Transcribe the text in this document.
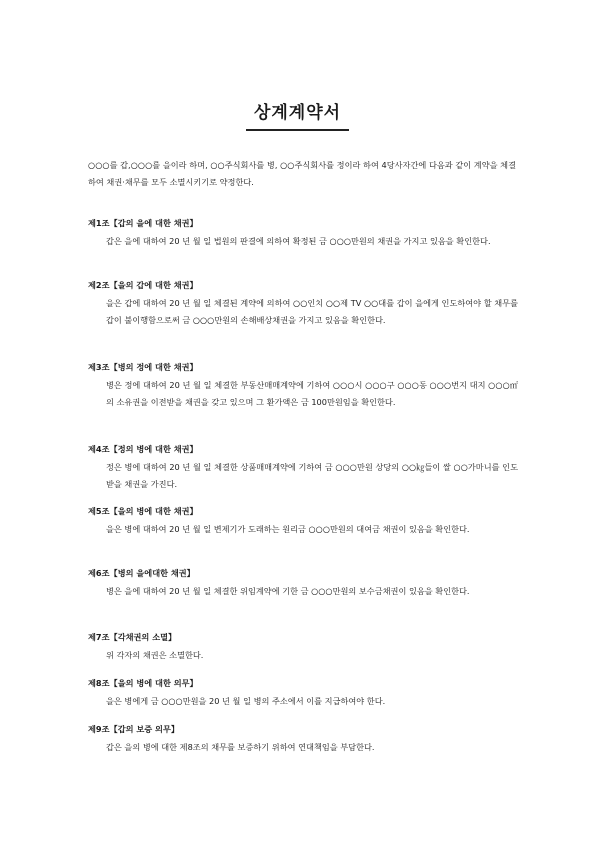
상계계약서
○○○를 갑,○○○를 을이라 하며, ○○주식회사를 병, ○○주식회사를 정이라 하여 4당사자간에 다음과 같이 계약을 체결하여 채권·채무를 모두 소멸시키기로 약정한다.
제1조【갑의 을에 대한 채권】
갑은 을에 대하여 20 년 월 일 법원의 판결에 의하여 확정된 금 ○○○만원의 채권을 가지고 있음을 확인한다.
제2조【을의 갑에 대한 채권】
을은 갑에 대하여 20 년 월 일 체결된 계약에 의하여 ○○인치 ○○제 TV ○○대를 갑이 을에게 인도하여야 할 채무를 갑이 불이행함으로써 금 ○○○만원의 손해배상채권을 가지고 있음을 확인한다.
제3조【병의 정에 대한 채권】
병은 정에 대하여 20 년 월 일 체결한 부동산매매계약에 기하여 ○○○시 ○○○구 ○○○동 ○○○번지 대지 ○○○㎡의 소유권을 이전받을 채권을 갖고 있으며 그 환가액은 금 100만원임을 확인한다.
제4조【정의 병에 대한 채권】
정은 병에 대하여 20 년 월 일 체결한 상품매매계약에 기하여 금 ○○○만원 상당의 ○○㎏들이 쌀 ○○가마니를 인도받을 채권을 가진다.
제5조【을의 병에 대한 채권】
을은 병에 대하여 20 년 월 일 변제기가 도래하는 원리금 ○○○만원의 대여금 채권이 있음을 확인한다.
제6조【병의 을에대한 채권】
병은 을에 대하여 20 년 월 일 체결한 위임계약에 기한 금 ○○○만원의 보수금채권이 있음을 확인한다.
제7조【각채권의 소멸】
위 각자의 채권은 소멸한다.
제8조【을의 병에 대한 의무】
을은 병에게 금 ○○○만원을 20 년 월 일 병의 주소에서 이를 지급하여야 한다.
제9조【갑의 보증 의무】
갑은 을의 병에 대한 제8조의 채무를 보증하기 위하여 연대책임을 부담한다.
